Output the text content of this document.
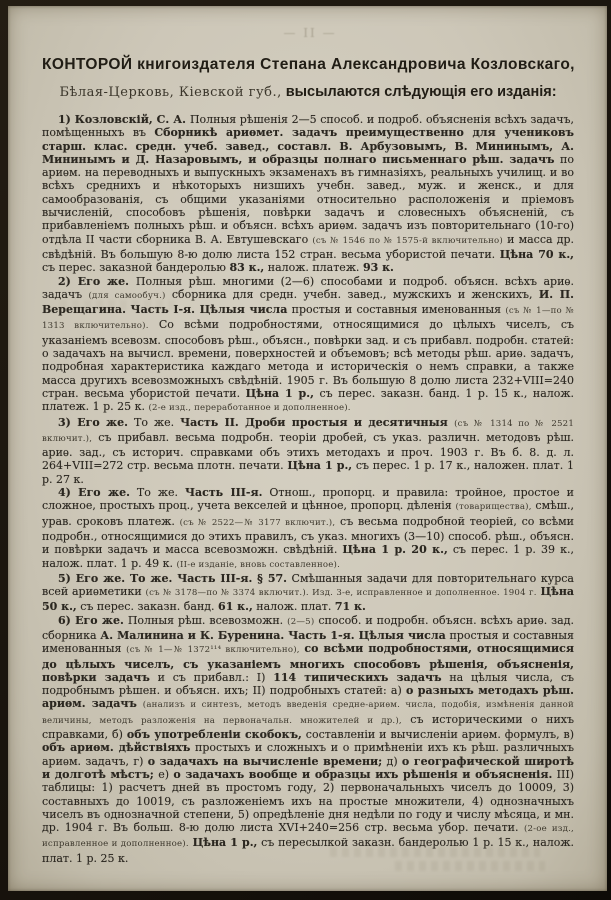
— II —
КОНТОРОЙ книгоиздателя Степана Александровича Козловскаго,
Бѣлая-Церковь, Кіевской губ., высылаются слѣдующія его изданія:

1) Козловскій, С. А. Полныя рѣшенія 2—5 способ. и подроб. объясненія всѣхъ задачъ, помѣщенныхъ въ Сборникѣ ариѳмет. задачъ преимущественно для учениковъ старш. клас. средн. учеб. завед., составл. В. Арбузовымъ, В. Мининымъ, А. Мининымъ и Д. Назаровымъ, и образцы полнаго письменнаго рѣш. задачъ по ариѳм. на переводныхъ и выпускныхъ экзаменахъ въ гимназіяхъ, реальныхъ училищ. и во всѣхъ среднихъ и нѣкоторыхъ низшихъ учебн. завед., муж. и женск., и для самообразованія, съ общими указаніями относительно расположенія и пріемовъ вычисленій, способовъ рѣшенія, повѣрки задачъ и словесныхъ объясненій, съ прибавленіемъ полныхъ рѣш. и объясн. всѣхъ ариѳм. задачъ изъ повторительнаго (10-го) отдѣла II части сборника В. А. Евтушевскаго (съ № 1546 по № 1575-й включительно) и масса др. свѣдѣній. Въ большую 8-ю долю листа 152 стран. весьма убористой печати. Цѣна 70 к., съ перес. заказной бандеролью 83 к., налож. платеж. 93 к.

2) Его же. Полныя рѣш. многими (2—6) способами и подроб. объясн. всѣхъ ариѳ. задачъ (для самообуч.) сборника для средн. учебн. завед., мужскихъ и женскихъ, И. П. Верещагина. Часть I-я. Цѣлыя числа простыя и составныя именованныя (съ № 1—по № 1313 включительно). Со всѣми подробностями, относящимися до цѣлыхъ чиселъ, съ указаніемъ всевозм. способовъ рѣш., объясн., повѣрки зад. и съ прибавл. подробн. статей: о задачахъ на вычисл. времени, поверхностей и объемовъ; всѣ методы рѣш. ариѳ. задачъ, подробная характеристика каждаго метода и историческія о немъ справки, а также масса другихъ всевозможныхъ свѣдѣній. 1905 г. Въ большую 8 долю листа 232+VIII=240 стран. весьма убористой печати. Цѣна 1 р., съ перес. заказн. банд. 1 р. 15 к., налож. платеж. 1 р. 25 к. (2-е изд., переработанное и дополненное).

3) Его же. То же. Часть II. Дроби простыя и десятичныя (съ № 1314 по № 2521 включит.), съ прибавл. весьма подробн. теоріи дробей, съ указ. различн. методовъ рѣш. ариѳ. зад., съ историч. справками объ этихъ методахъ и проч. 1903 г. Въ б. 8. д. л. 264+VIII=272 стр. весьма плотн. печати. Цѣна 1 р., съ перес. 1 р. 17 к., наложен. плат. 1 р. 27 к.

4) Его же. То же. Часть III-я. Отнош., пропорц. и правила: тройное, простое и сложное, простыхъ проц., учета векселей и цѣнное, пропорц. дѣленія (товарищества), смѣш., урав. сроковъ платеж. (съ № 2522—№ 3177 включит.), съ весьма подробной теоріей, со всѣми подробн., относящимися до этихъ правилъ, съ указ. многихъ (3—10) способ. рѣш., объясн. и повѣрки задачъ и масса всевозможн. свѣдѣній. Цѣна 1 р. 20 к., съ перес. 1 р. 39 к., налож. плат. 1 р. 49 к. (II-е изданіе, вновь составленное).

5) Его же. То же. Часть III-я. § 57. Смѣшанныя задачи для повторительнаго курса всей ариѳметики (съ № 3178—по № 3374 включит.). Изд. 3-е, исправленное и дополненное. 1904 г. Цѣна 50 к., съ перес. заказн. банд. 61 к., налож. плат. 71 к.

6) Его же. Полныя рѣш. всевозможн. (2—5) способ. и подробн. объясн. всѣхъ ариѳ. зад. сборника А. Малинина и К. Буренина. Часть 1-я. Цѣлыя числа простыя и составныя именованныя (съ № 1—№ 1372¹¹⁴ включительно), со всѣми подробностями, относящимися до цѣлыхъ чиселъ, съ указаніемъ многихъ способовъ рѣшенія, объясненія, повѣрки задачъ и съ прибавл.: I) 114 типическихъ задачъ на цѣлыя числа, съ подробнымъ рѣшен. и объясн. ихъ; II) подробныхъ статей: а) о разныхъ методахъ рѣш. ариѳм. задачъ (анализъ и синтезъ, методъ введенія средне-ариѳм. числа, подобія, измѣненія данной величины, методъ разложенія на первоначальн. множителей и др.), съ историческими о нихъ справками, б) объ употребленіи скобокъ, составленіи и вычисленіи ариѳм. формулъ, в) объ ариѳм. дѣйствіяхъ простыхъ и сложныхъ и о примѣненіи ихъ къ рѣш. различныхъ ариѳм. задачъ, г) о задачахъ на вычисленіе времени; д) о географической широтѣ и долготѣ мѣстъ; е) о задачахъ вообще и образцы ихъ рѣшенія и объясненія. III) таблицы: 1) расчетъ дней въ простомъ году, 2) первоначальныхъ чиселъ до 10009, 3) составныхъ до 10019, съ разложеніемъ ихъ на простые множители, 4) однозначныхъ чиселъ въ однозначной степени, 5) опредѣленіе дня недѣли по году и числу мѣсяца, и мн. др. 1904 г. Въ больш. 8-ю долю листа XVI+240=256 стр. весьма убор. печати. (2-ое изд., исправленное и дополненное). Цѣна 1 р., съ пересылкой заказн. бандеролью 1 р. 15 к., налож. плат. 1 р. 25 к.
